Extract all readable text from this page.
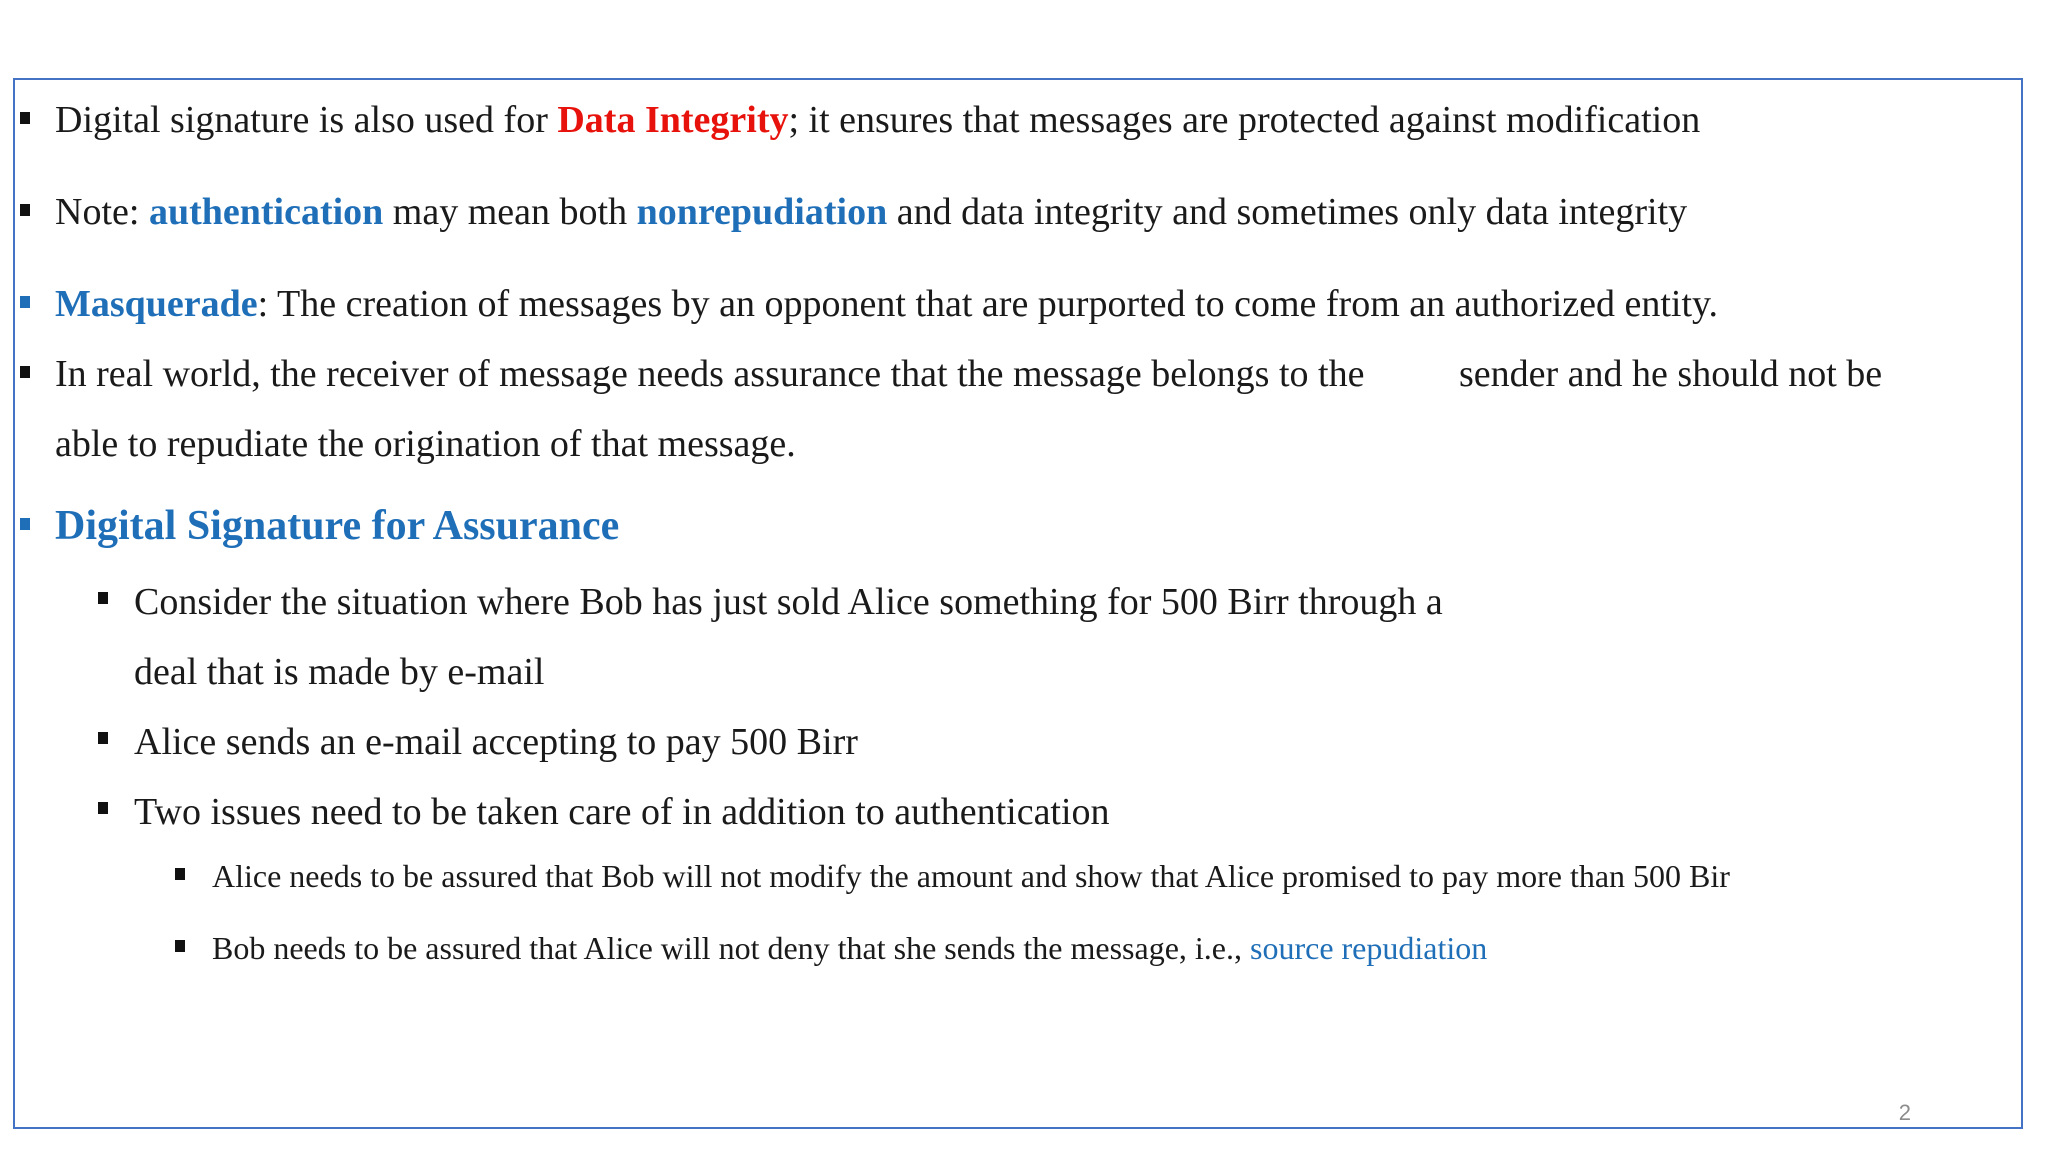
Digital signature is also used for Data Integrity; it ensures that messages are protected against modification
Note: authentication may mean both nonrepudiation and data integrity and sometimes only data integrity
Masquerade: The creation of messages by an opponent that are purported to come from an authorized entity.
In real world, the receiver of message needs assurance that the message belongs to the sender and he should not be
able to repudiate the origination of that message.
Digital Signature for Assurance
Consider the situation where Bob has just sold Alice something for 500 Birr through a
deal that is made by e-mail
Alice sends an e-mail accepting to pay 500 Birr
Two issues need to be taken care of in addition to authentication
Alice needs to be assured that Bob will not modify the amount and show that Alice promised to pay more than 500 Bir
Bob needs to be assured that Alice will not deny that she sends the message, i.e., source repudiation
2
